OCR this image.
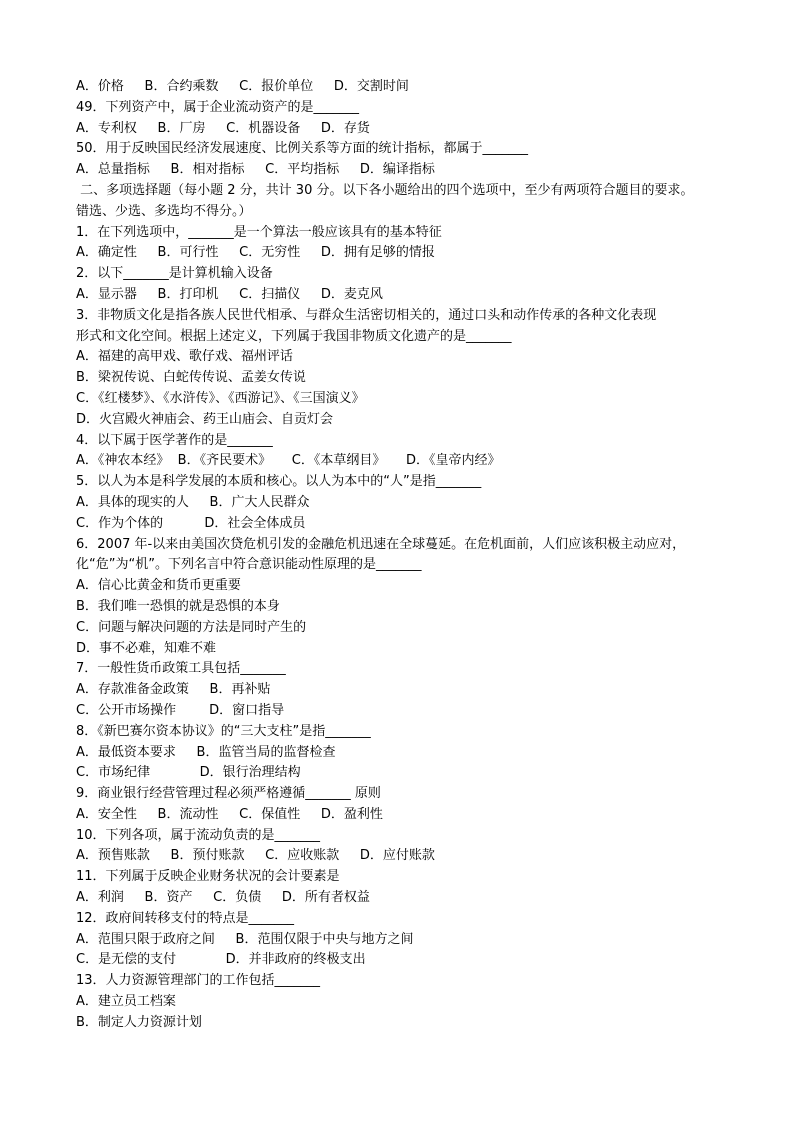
A．价格     B．合约乘数     C．报价单位     D．交割时间
49．下列资产中，属于企业流动资产的是_______
A．专利权     B．厂房     C．机器设备     D．存货
50．用于反映国民经济发展速度、比例关系等方面的统计指标，都属于_______
A．总量指标     B．相对指标     C．平均指标     D．编译指标
二、多项选择题（每小题 2 分，共计 30 分。以下各小题给出的四个选项中，至少有两项符合题目的要求。
错选、少选、多选均不得分。）
1．在下列选项中，_______是一个算法一般应该具有的基本特征
A．确定性     B．可行性     C．无穷性     D．拥有足够的情报
2．以下_______是计算机输入设备
A．显示器     B．打印机     C．扫描仪     D．麦克风
3．非物质文化是指各族人民世代相承、与群众生活密切相关的，通过口头和动作传承的各种文化表现
形式和文化空间。根据上述定义，下列属于我国非物质文化遗产的是_______
A．福建的高甲戏、歌仔戏、福州评话
B．梁祝传说、白蛇传传说、孟姜女传说
C．《红楼梦》、《水浒传》、《西游记》、《三国演义》
D．火宫殿火神庙会、药王山庙会、自贡灯会
4．以下属于医学著作的是_______
A．《神农本经》  B．《齐民要术》     C．《本草纲目》     D．《皇帝内经》
5．以人为本是科学发展的本质和核心。以人为本中的“人”是指_______
A．具体的现实的人     B．广大人民群众
C．作为个体的          D．社会全体成员
6．2007 年-以来由美国次贷危机引发的金融危机迅速在全球蔓延。在危机面前，人们应该积极主动应对，
化“危”为“机”。下列名言中符合意识能动性原理的是_______
A．信心比黄金和货币更重要
B．我们唯一恐惧的就是恐惧的本身
C．问题与解决问题的方法是同时产生的
D．事不必难，知难不难
7．一般性货币政策工具包括_______
A．存款准备金政策     B．再补贴
C．公开市场操作        D．窗口指导
8．《新巴赛尔资本协议》的“三大支柱”是指_______
A．最低资本要求     B．监管当局的监督检查
C．市场纪律            D．银行治理结构
9．商业银行经营管理过程必须严格遵循_______ 原则
A．安全性     B．流动性     C．保值性     D．盈利性
10．下列各项，属于流动负责的是_______
A．预售账款     B．预付账款     C．应收账款     D．应付账款
11．下列属于反映企业财务状况的会计要素是
A．利润     B．资产     C．负债     D．所有者权益
12．政府间转移支付的特点是_______
A．范围只限于政府之间     B．范围仅限于中央与地方之间
C．是无偿的支付            D．并非政府的终极支出
13．人力资源管理部门的工作包括_______
A．建立员工档案
B．制定人力资源计划
